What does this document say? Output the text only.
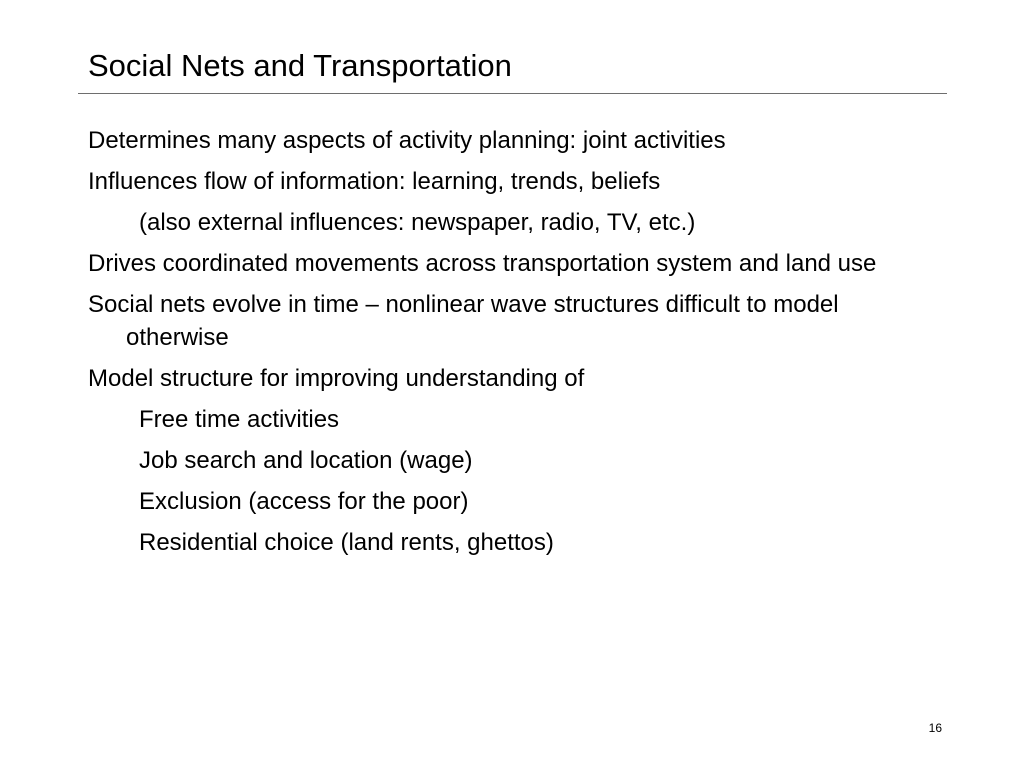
Social Nets and Transportation
Determines many aspects of activity planning: joint activities
Influences flow of information: learning, trends, beliefs
(also external influences: newspaper, radio, TV, etc.)
Drives coordinated movements across transportation system and land use
Social nets evolve in time – nonlinear wave structures difficult to model otherwise
Model structure for improving understanding of
Free time activities
Job search and location (wage)
Exclusion (access for the poor)
Residential choice (land rents, ghettos)
16
